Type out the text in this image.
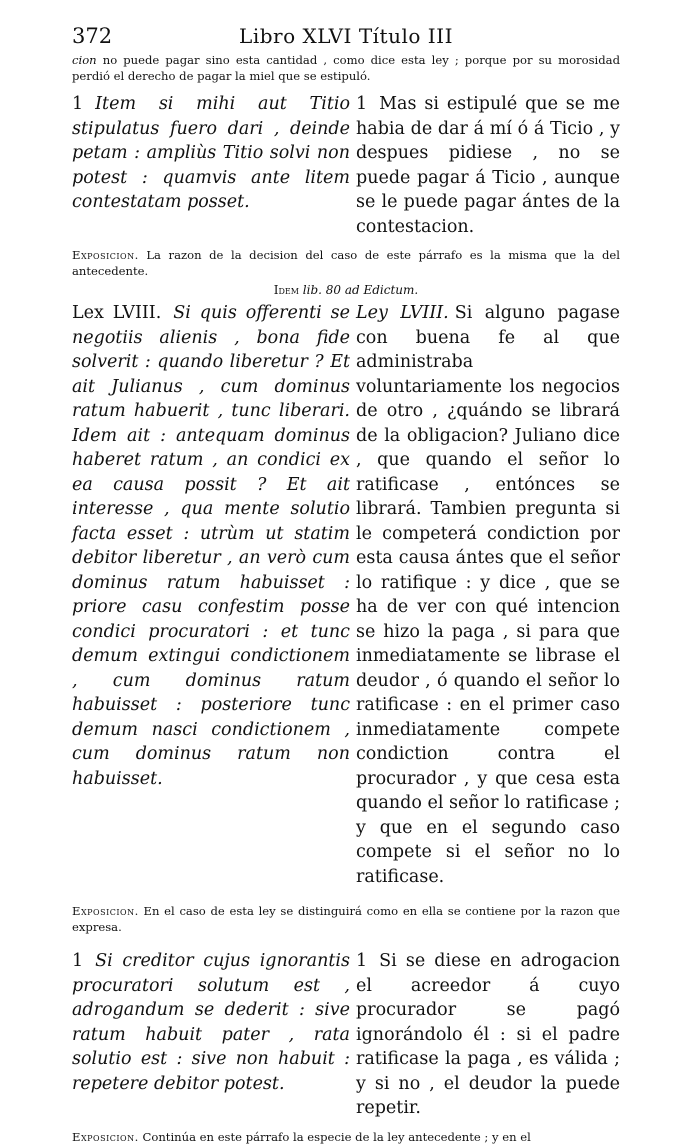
372	Libro XLVI Título III

cion no puede pagar sino esta cantidad , como dice esta ley ; porque por su morosidad perdió el derecho de pagar la miel que se estipuló.

1 Item si mihi aut Titio stipulatus fuero dari , deinde petam : ampliùs Titio solvi non potest : quamvis ante litem contestatam posset.

1 Mas si estipulé que se me habia de dar á mí ó á Ticio , y despues pidiese , no se puede pagar á Ticio , aunque se le puede pagar ántes de la contestacion.

Exposicion. La razon de la decision del caso de este párrafo es la misma que la del antecedente.

Idem lib. 80 ad Edictum.

Lex LVIII. Si quis offerenti se negotiis alienis , bona fide solverit : quando liberetur ? Et ait Julianus , cum dominus ratum habuerit , tunc liberari. Idem ait : antequam dominus haberet ratum , an condici ex ea causa possit ? Et ait interesse , qua mente solutio facta esset : utrùm ut statim debitor liberetur , an verò cum dominus ratum habuisset : priore casu confestim posse condici procuratori : et tunc demum extingui condictionem , cum dominus ratum habuisset : posteriore tunc demum nasci condictionem , cum dominus ratum non habuisset.

Ley LVIII. Si alguno pagase con buena fe al que administraba voluntariamente los negocios de otro , ¿quándo se librará de la obligacion? Juliano dice , que quando el señor lo ratificase , entónces se librará. Tambien pregunta si le competerá condiction por esta causa ántes que el señor lo ratifique : y dice , que se ha de ver con qué intencion se hizo la paga , si para que inmediatamente se librase el deudor , ó quando el señor lo ratificase : en el primer caso inmediatamente compete condiction contra el procurador , y que cesa esta quando el señor lo ratificase ; y que en el segundo caso compete si el señor no lo ratificase.

Exposicion. En el caso de esta ley se distinguirá como en ella se contiene por la razon que expresa.

1 Si creditor cujus ignorantis procuratori solutum est , adrogandum se dederit : sive ratum habuit pater , rata solutio est : sive non habuit : repetere debitor potest.

1 Si se diese en adrogacion el acreedor á cuyo procurador se pagó ignorándolo él : si el padre ratificase la paga , es válida ; y si no , el deudor la puede repetir.

Exposicion. Continúa en este párrafo la especie de la ley antecedente ; y en el
